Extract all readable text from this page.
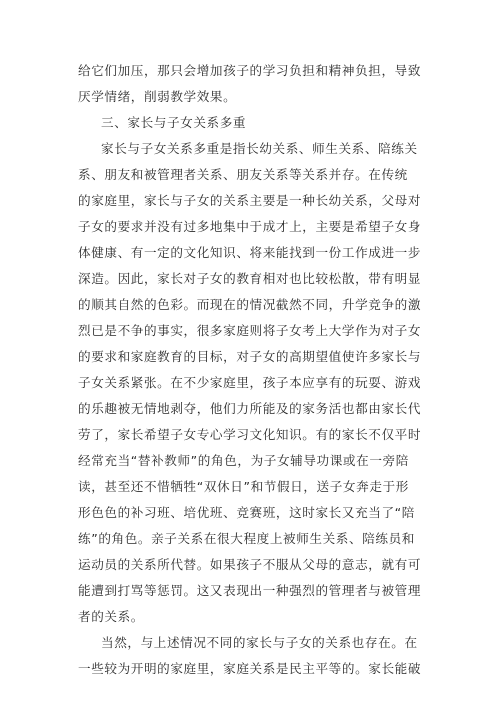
给它们加压，那只会增加孩子的学习负担和精神负担，导致
厌学情绪，削弱教学效果。
三、家长与子女关系多重
家长与子女关系多重是指长幼关系、师生关系、陪练关
系、朋友和被管理者关系、朋友关系等关系并存。在传统
的家庭里，家长与子女的关系主要是一种长幼关系，父母对
子女的要求并没有过多地集中于成才上，主要是希望子女身
体健康、有一定的文化知识、将来能找到一份工作成进一步
深造。因此，家长对子女的教育相对也比较松散，带有明显
的顺其自然的色彩。而现在的情况截然不同，升学竞争的激
烈已是不争的事实，很多家庭则将子女考上大学作为对子女
的要求和家庭教育的目标，对子女的高期望值使许多家长与
子女关系紧张。在不少家庭里，孩子本应享有的玩耍、游戏
的乐趣被无情地剥夺，他们力所能及的家务活也都由家长代
劳了，家长希望子女专心学习文化知识。有的家长不仅平时
经常充当“替补教师”的角色，为子女辅导功课或在一旁陪
读，甚至还不惜牺牲“双休日”和节假日，送子女奔走于形
形色色的补习班、培优班、竞赛班，这时家长又充当了“陪
练”的角色。亲子关系在很大程度上被师生关系、陪练员和
运动员的关系所代替。如果孩子不服从父母的意志，就有可
能遭到打骂等惩罚。这又表现出一种强烈的管理者与被管理
者的关系。
当然，与上述情况不同的家长与子女的关系也存在。在
一些较为开明的家庭里，家庭关系是民主平等的。家长能破
